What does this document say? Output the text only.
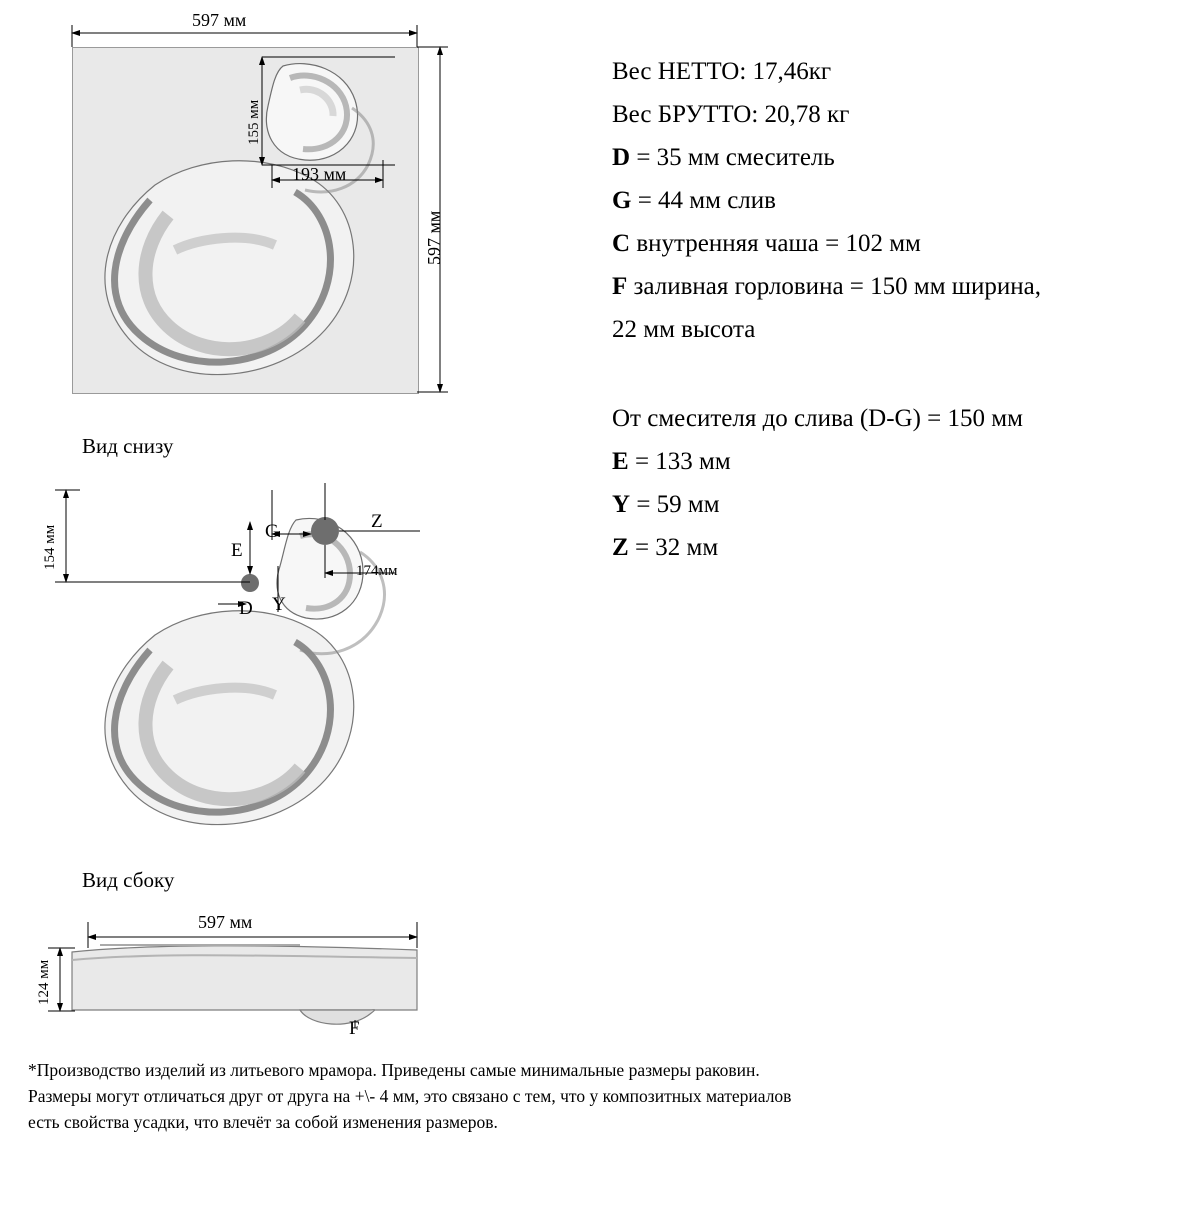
597 мм
597 мм
155 мм
193 мм
Вид снизу
154 мм
174мм
G	Z
E
D Y
Вид сбоку
597 мм
124 мм
F
Вес НЕТТО: 17,46кг
Вес БРУТТО: 20,78 кг
D = 35 мм смеситель
G = 44 мм слив
C внутренняя чаша = 102 мм
F заливная горловина = 150 мм ширина,
22 мм высота
От смесителя до слива (D-G) = 150 мм
E = 133 мм
Y = 59 мм
Z = 32 мм
*Производство изделий из литьевого мрамора. Приведены самые минимальные размеры раковин. Размеры могут отличаться друг от друга на +\- 4 мм, это связано с тем, что у композитных материалов есть свойства усадки, что влечёт за собой изменения размеров.
